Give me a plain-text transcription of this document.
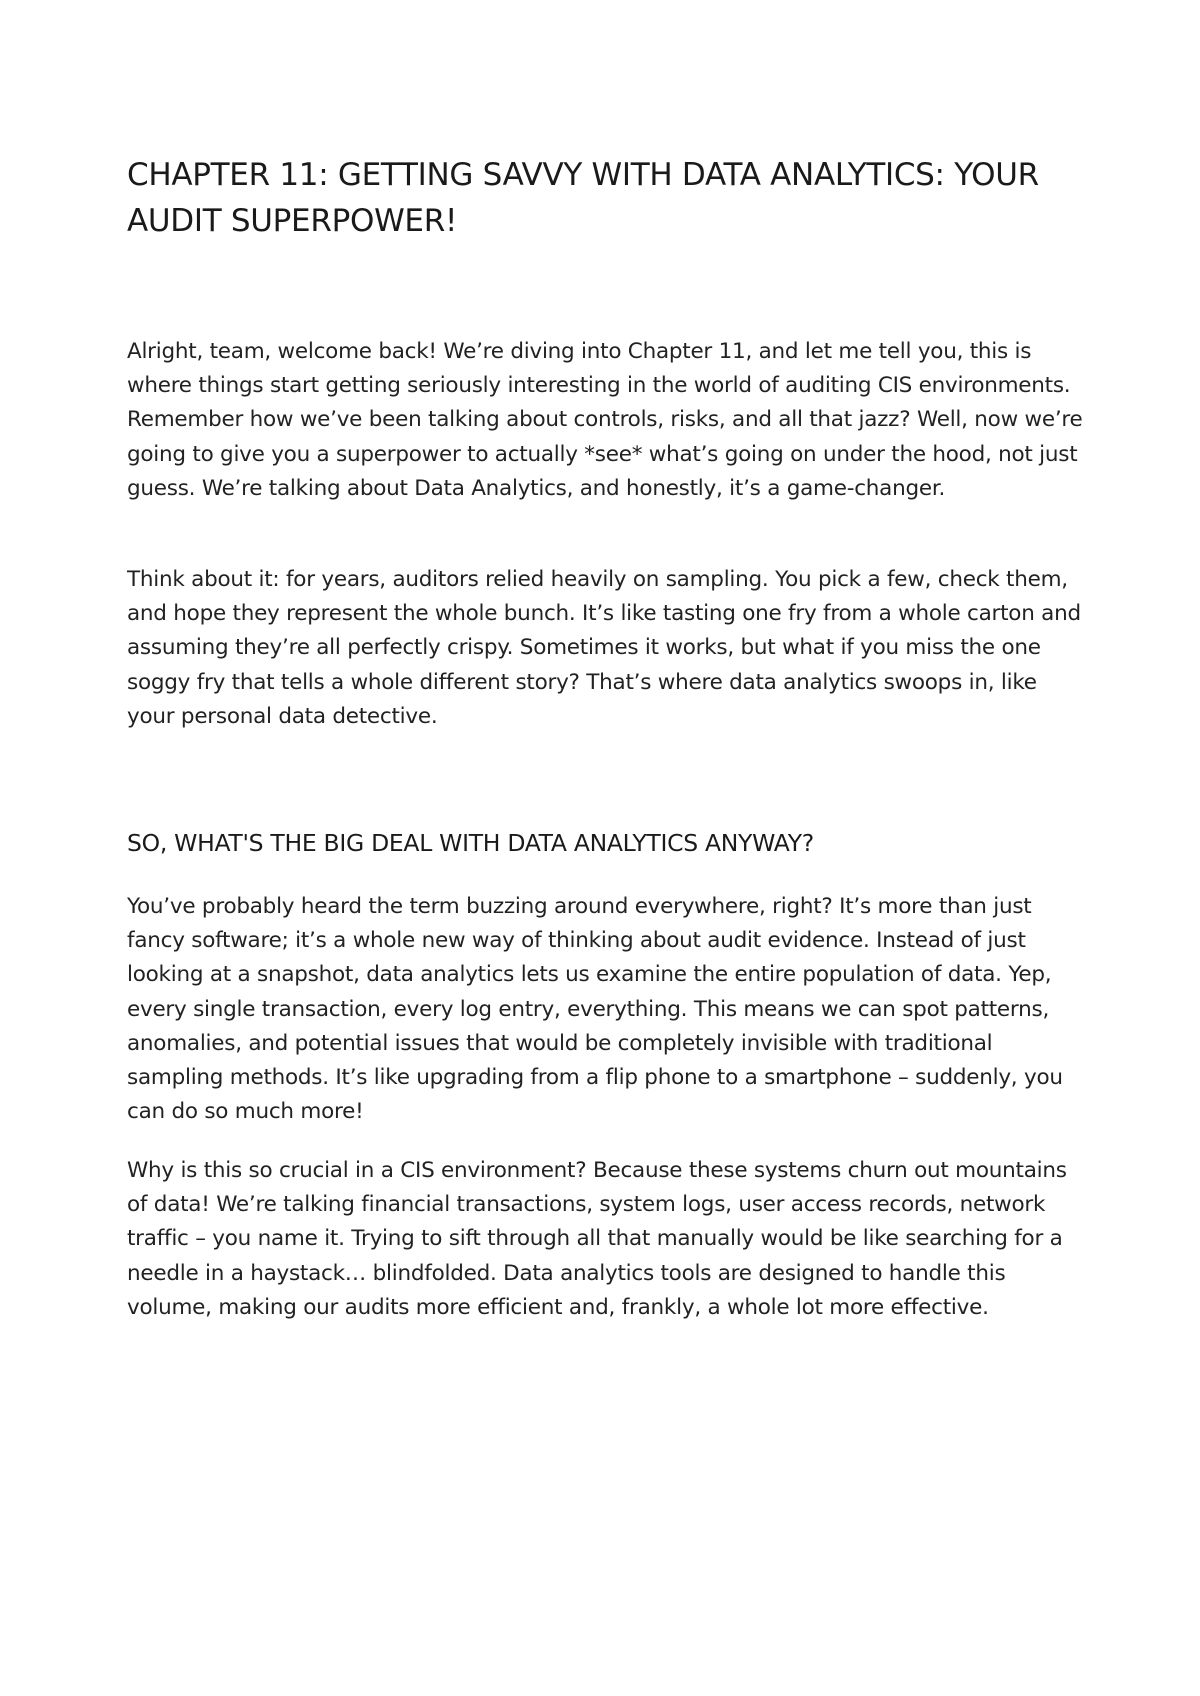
CHAPTER 11: GETTING SAVVY WITH DATA ANALYTICS: YOUR AUDIT SUPERPOWER!

Alright, team, welcome back! We’re diving into Chapter 11, and let me tell you, this is where things start getting seriously interesting in the world of auditing CIS environments. Remember how we’ve been talking about controls, risks, and all that jazz? Well, now we’re going to give you a superpower to actually *see* what’s going on under the hood, not just guess. We’re talking about Data Analytics, and honestly, it’s a game-changer.

Think about it: for years, auditors relied heavily on sampling. You pick a few, check them, and hope they represent the whole bunch. It’s like tasting one fry from a whole carton and assuming they’re all perfectly crispy. Sometimes it works, but what if you miss the one soggy fry that tells a whole different story? That’s where data analytics swoops in, like your personal data detective.

SO, WHAT'S THE BIG DEAL WITH DATA ANALYTICS ANYWAY?

You’ve probably heard the term buzzing around everywhere, right? It’s more than just fancy software; it’s a whole new way of thinking about audit evidence. Instead of just looking at a snapshot, data analytics lets us examine the entire population of data. Yep, every single transaction, every log entry, everything. This means we can spot patterns, anomalies, and potential issues that would be completely invisible with traditional sampling methods. It’s like upgrading from a flip phone to a smartphone – suddenly, you can do so much more!

Why is this so crucial in a CIS environment? Because these systems churn out mountains of data! We’re talking financial transactions, system logs, user access records, network traffic – you name it. Trying to sift through all that manually would be like searching for a needle in a haystack… blindfolded. Data analytics tools are designed to handle this volume, making our audits more efficient and, frankly, a whole lot more effective.
